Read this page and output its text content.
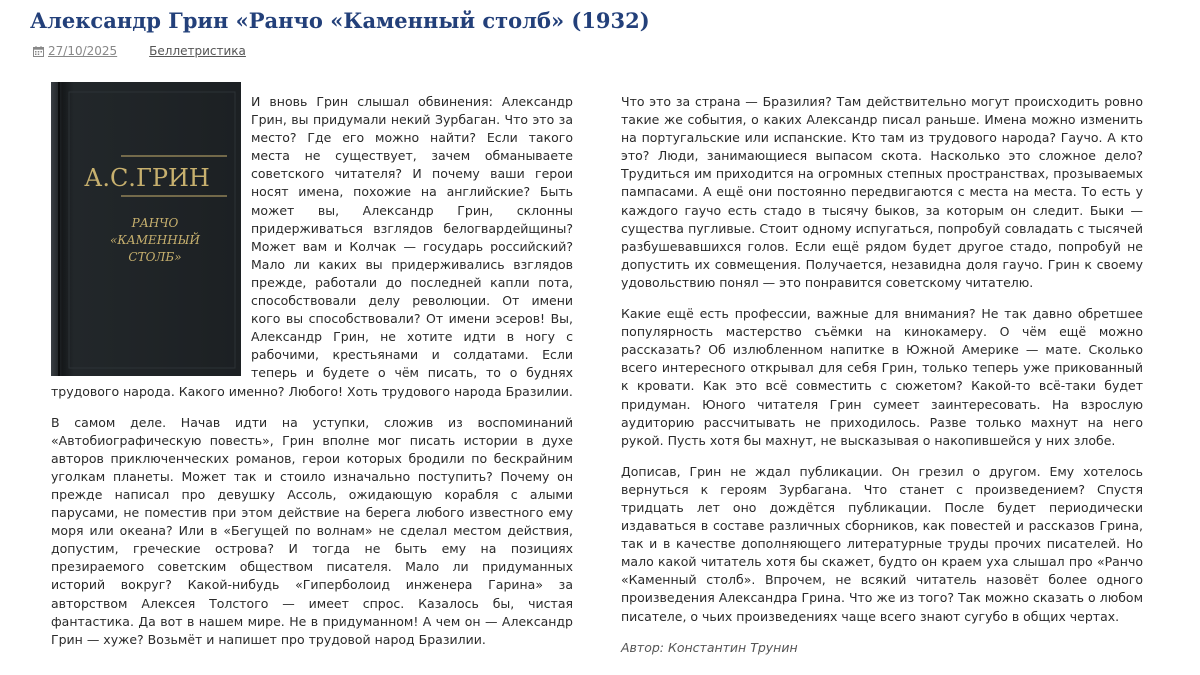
Александр Грин «Ранчо «Каменный столб» (1932)
27/10/2025	Беллетристика
А.С.ГРИН
РАНЧО
«КАМЕННЫЙ
СТОЛБ»

И вновь Грин слышал обвинения: Александр Грин, вы придумали некий Зурбаган. Что это за место? Где его можно найти? Если такого места не существует, зачем обманываете советского читателя? И почему ваши герои носят имена, похожие на английские? Быть может вы, Александр Грин, склонны придерживаться взглядов белогвардейщины? Может вам и Колчак — государь российский? Мало ли каких вы придерживались взглядов прежде, работали до последней капли пота, способствовали делу революции. От имени кого вы способствовали? От имени эсеров! Вы, Александр Грин, не хотите идти в ногу с рабочими, крестьянами и солдатами. Если теперь и будете о чём писать, то о буднях трудового народа. Какого именно? Любого! Хоть трудового народа Бразилии.

В самом деле. Начав идти на уступки, сложив из воспоминаний «Автобиографическую повесть», Грин вполне мог писать истории в духе авторов приключенческих романов, герои которых бродили по бескрайним уголкам планеты. Может так и стоило изначально поступить? Почему он прежде написал про девушку Ассоль, ожидающую корабля с алыми парусами, не поместив при этом действие на берега любого известного ему моря или океана? Или в «Бегущей по волнам» не сделал местом действия, допустим, греческие острова? И тогда не быть ему на позициях презираемого советским обществом писателя. Мало ли придуманных историй вокруг? Какой-нибудь «Гиперболоид инженера Гарина» за авторством Алексея Толстого — имеет спрос. Казалось бы, чистая фантастика. Да вот в нашем мире. Не в придуманном! А чем он — Александр Грин — хуже? Возьмёт и напишет про трудовой народ Бразилии.

Что это за страна — Бразилия? Там действительно могут происходить ровно такие же события, о каких Александр писал раньше. Имена можно изменить на португальские или испанские. Кто там из трудового народа? Гаучо. А кто это? Люди, занимающиеся выпасом скота. Насколько это сложное дело? Трудиться им приходится на огромных степных пространствах, прозываемых пампасами. А ещё они постоянно передвигаются с места на места. То есть у каждого гаучо есть стадо в тысячу быков, за которым он следит. Быки — существа пугливые. Стоит одному испугаться, попробуй совладать с тысячей разбушевавшихся голов. Если ещё рядом будет другое стадо, попробуй не допустить их совмещения. Получается, незавидна доля гаучо. Грин к своему удовольствию понял — это понравится советскому читателю.

Какие ещё есть профессии, важные для внимания? Не так давно обретшее популярность мастерство съёмки на кинокамеру. О чём ещё можно рассказать? Об излюбленном напитке в Южной Америке — мате. Сколько всего интересного открывал для себя Грин, только теперь уже прикованный к кровати. Как это всё совместить с сюжетом? Какой-то всё-таки будет придуман. Юного читателя Грин сумеет заинтересовать. На взрослую аудиторию рассчитывать не приходилось. Разве только махнут на него рукой. Пусть хотя бы махнут, не высказывая о накопившейся у них злобе.

Дописав, Грин не ждал публикации. Он грезил о другом. Ему хотелось вернуться к героям Зурбагана. Что станет с произведением? Спустя тридцать лет оно дождётся публикации. После будет периодически издаваться в составе различных сборников, как повестей и рассказов Грина, так и в качестве дополняющего литературные труды прочих писателей. Но мало какой читатель хотя бы скажет, будто он краем уха слышал про «Ранчо «Каменный столб». Впрочем, не всякий читатель назовёт более одного произведения Александра Грина. Что же из того? Так можно сказать о любом писателе, о чьих произведениях чаще всего знают сугубо в общих чертах.

Автор: Константин Трунин
